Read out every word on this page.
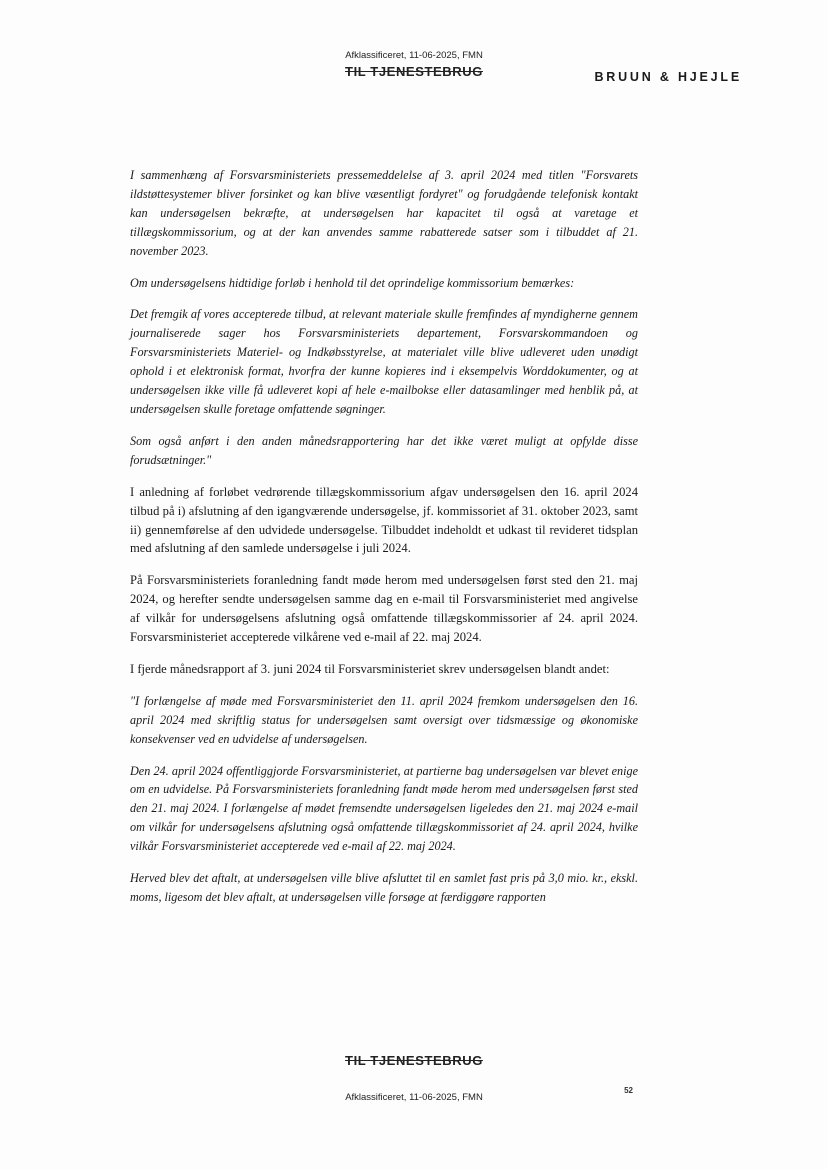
Afklassificeret, 11-06-2025, FMN
TIL TJENESTEBRUG	BRUUN & HJEJLE

I sammenhæng af Forsvarsministeriets pressemeddelelse af 3. april 2024 med titlen "Forsvarets ildstøttesystemer bliver forsinket og kan blive væsentligt fordyret" og forudgående telefonisk kontakt kan undersøgelsen bekræfte, at undersøgelsen har kapacitet til også at varetage et tillægskommissorium, og at der kan anvendes samme rabatterede satser som i tilbuddet af 21. november 2023.

Om undersøgelsens hidtidige forløb i henhold til det oprindelige kommissorium bemærkes:

Det fremgik af vores accepterede tilbud, at relevant materiale skulle fremfindes af myndigherne gennem journaliserede sager hos Forsvarsministeriets departement, Forsvarskommandoen og Forsvarsministeriets Materiel- og Indkøbsstyrelse, at materialet ville blive udleveret uden unødigt ophold i et elektronisk format, hvorfra der kunne kopieres ind i eksempelvis Worddokumenter, og at undersøgelsen ikke ville få udleveret kopi af hele e-mailbokse eller datasamlinger med henblik på, at undersøgelsen skulle foretage omfattende søgninger.

Som også anført i den anden månedsrapportering har det ikke været muligt at opfylde disse forudsætninger."

I anledning af forløbet vedrørende tillægskommissorium afgav undersøgelsen den 16. april 2024 tilbud på i) afslutning af den igangværende undersøgelse, jf. kommissoriet af 31. oktober 2023, samt ii) gennemførelse af den udvidede undersøgelse. Tilbuddet indeholdt et udkast til revideret tidsplan med afslutning af den samlede undersøgelse i juli 2024.

På Forsvarsministeriets foranledning fandt møde herom med undersøgelsen først sted den 21. maj 2024, og herefter sendte undersøgelsen samme dag en e-mail til Forsvarsministeriet med angivelse af vilkår for undersøgelsens afslutning også omfattende tillægskommissorier af 24. april 2024. Forsvarsministeriet accepterede vilkårene ved e-mail af 22. maj 2024.

I fjerde månedsrapport af 3. juni 2024 til Forsvarsministeriet skrev undersøgelsen blandt andet:

"I forlængelse af møde med Forsvarsministeriet den 11. april 2024 fremkom undersøgelsen den 16. april 2024 med skriftlig status for undersøgelsen samt oversigt over tidsmæssige og økonomiske konsekvenser ved en udvidelse af undersøgelsen.

Den 24. april 2024 offentliggjorde Forsvarsministeriet, at partierne bag undersøgelsen var blevet enige om en udvidelse. På Forsvarsministeriets foranledning fandt møde herom med undersøgelsen først sted den 21. maj 2024. I forlængelse af mødet fremsendte undersøgelsen ligeledes den 21. maj 2024 e-mail om vilkår for undersøgelsens afslutning også omfattende tillægskommissoriet af 24. april 2024, hvilke vilkår Forsvarsministeriet accepterede ved e-mail af 22. maj 2024.

Herved blev det aftalt, at undersøgelsen ville blive afsluttet til en samlet fast pris på 3,0 mio. kr., ekskl. moms, ligesom det blev aftalt, at undersøgelsen ville forsøge at færdiggøre rapporten

TIL TJENESTEBRUG
52
Afklassificeret, 11-06-2025, FMN
